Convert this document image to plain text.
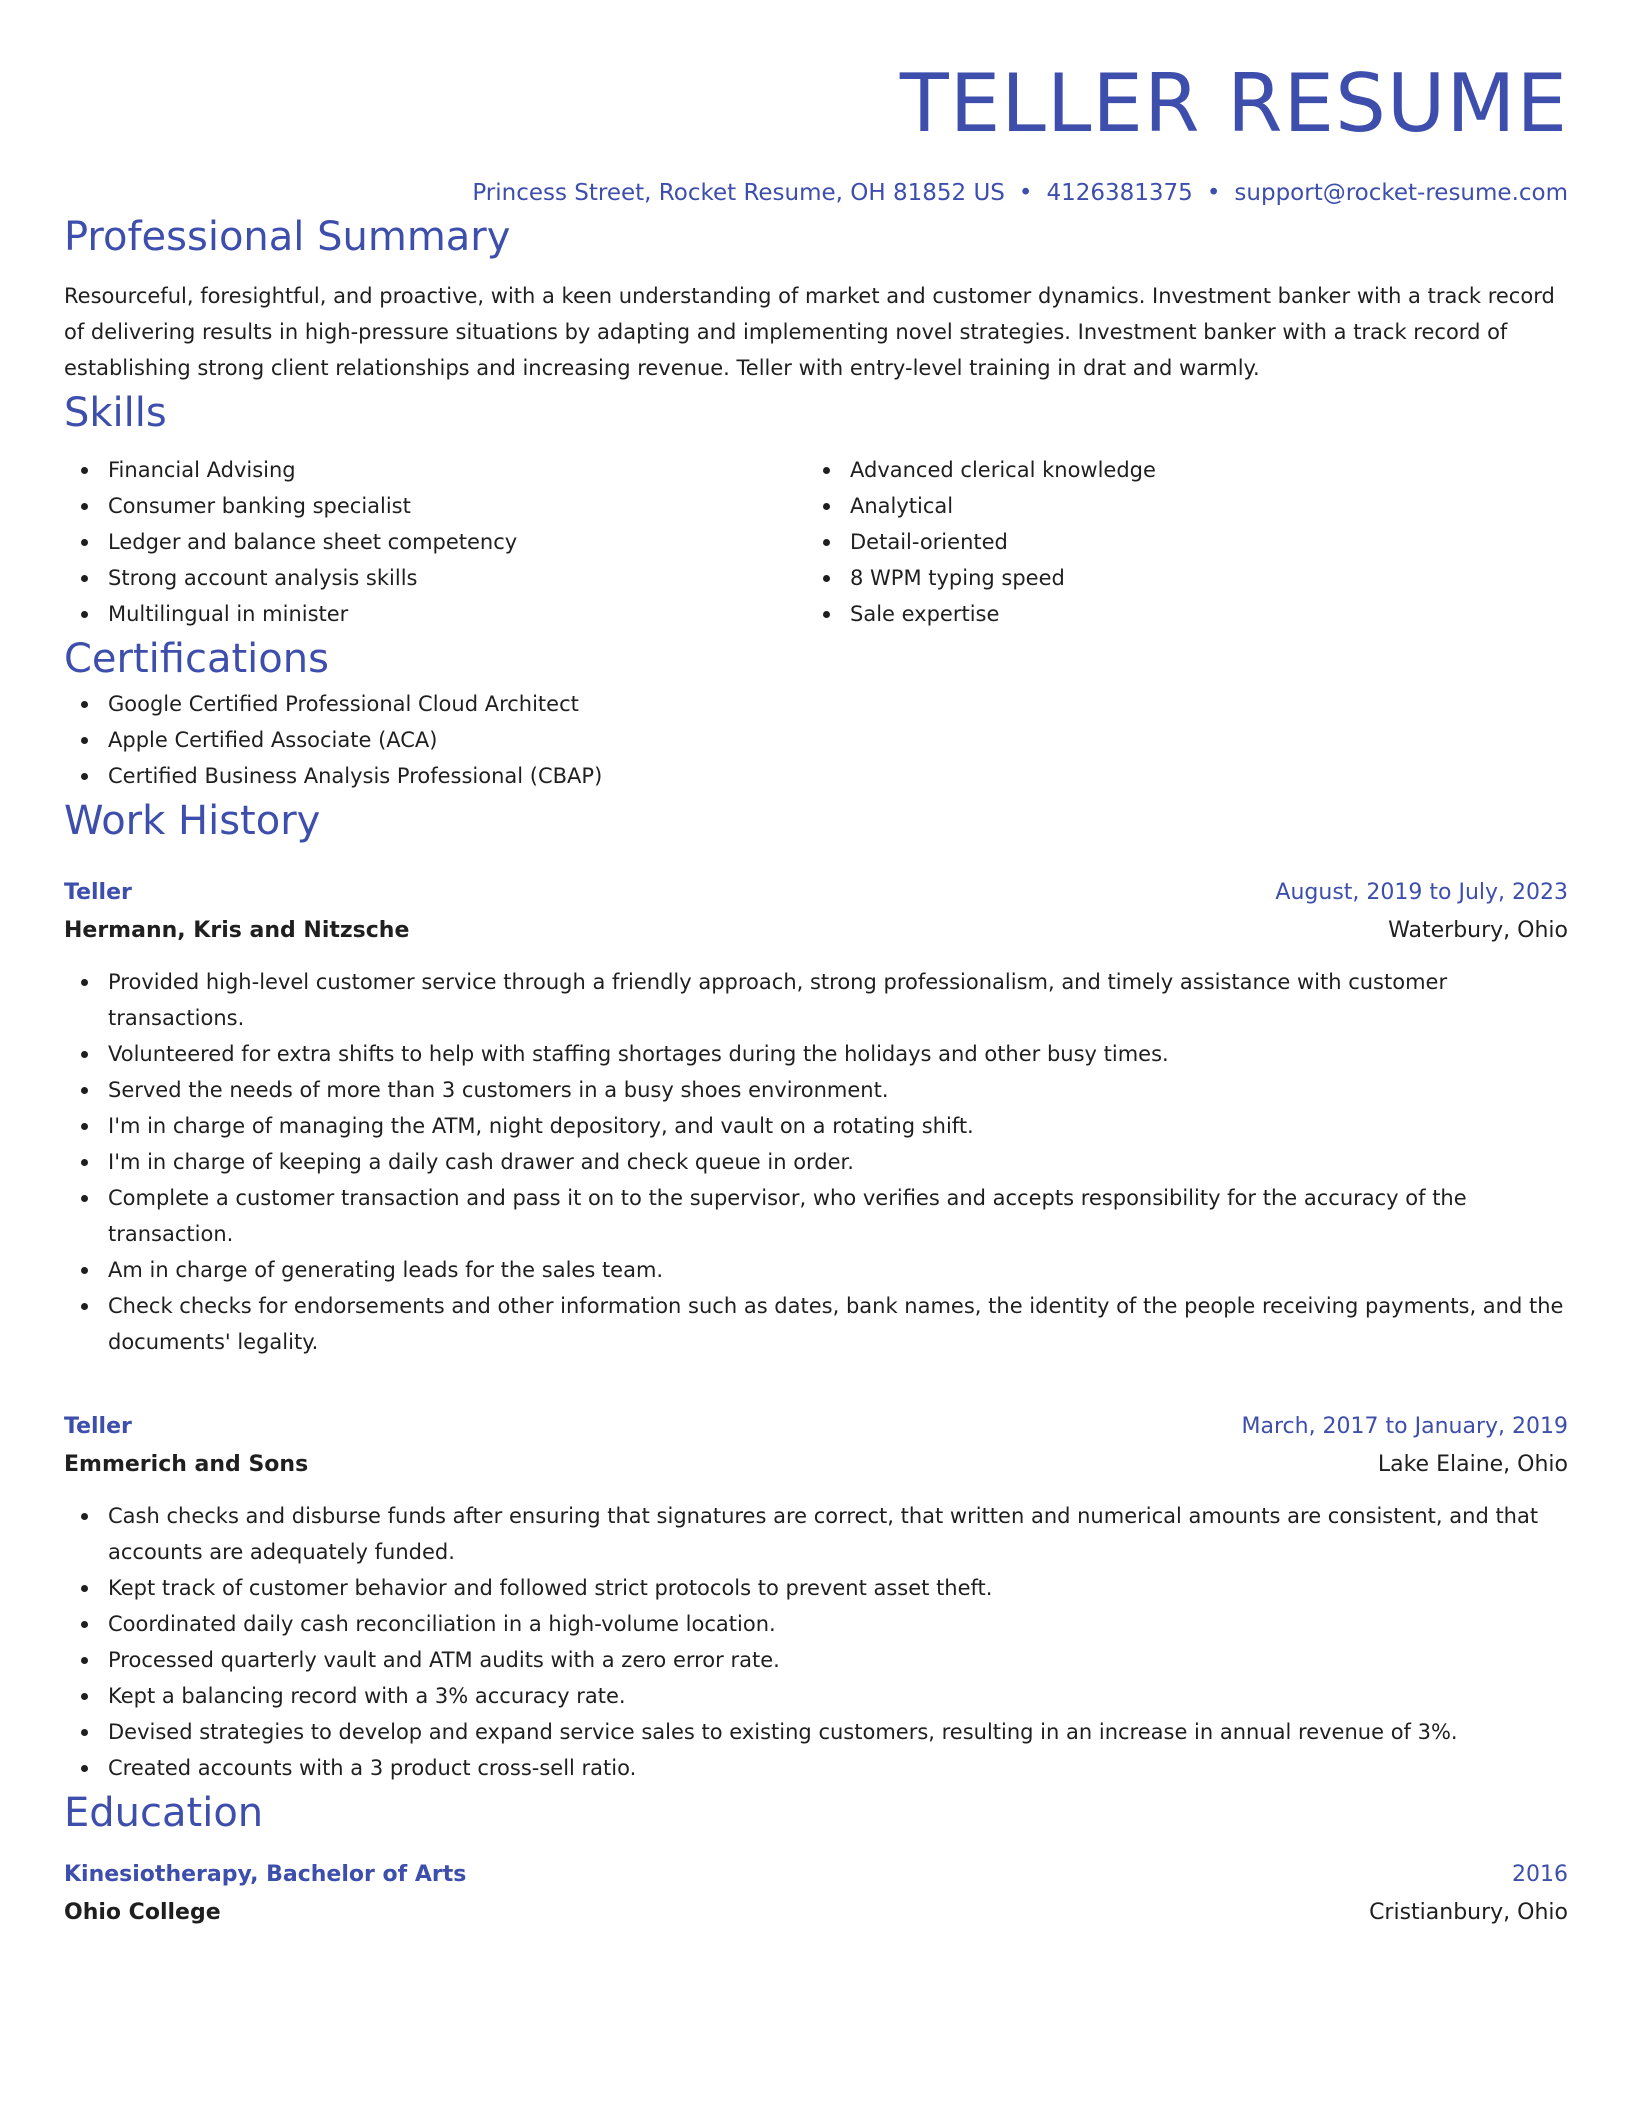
TELLER RESUME
Princess Street, Rocket Resume, OH 81852 US • 4126381375 • support@rocket-resume.com
Professional Summary
Resourceful, foresightful, and proactive, with a keen understanding of market and customer dynamics. Investment banker with a track record of delivering results in high-pressure situations by adapting and implementing novel strategies. Investment banker with a track record of establishing strong client relationships and increasing revenue. Teller with entry-level training in drat and warmly.
Skills
Financial Advising
Consumer banking specialist
Ledger and balance sheet competency
Strong account analysis skills
Multilingual in minister
Advanced clerical knowledge
Analytical
Detail-oriented
8 WPM typing speed
Sale expertise
Certifications
Google Certified Professional Cloud Architect
Apple Certified Associate (ACA)
Certified Business Analysis Professional (CBAP)
Work History
Teller	August, 2019 to July, 2023
Hermann, Kris and Nitzsche	Waterbury, Ohio
Provided high-level customer service through a friendly approach, strong professionalism, and timely assistance with customer transactions.
Volunteered for extra shifts to help with staffing shortages during the holidays and other busy times.
Served the needs of more than 3 customers in a busy shoes environment.
I'm in charge of managing the ATM, night depository, and vault on a rotating shift.
I'm in charge of keeping a daily cash drawer and check queue in order.
Complete a customer transaction and pass it on to the supervisor, who verifies and accepts responsibility for the accuracy of the transaction.
Am in charge of generating leads for the sales team.
Check checks for endorsements and other information such as dates, bank names, the identity of the people receiving payments, and the documents' legality.
Teller	March, 2017 to January, 2019
Emmerich and Sons	Lake Elaine, Ohio
Cash checks and disburse funds after ensuring that signatures are correct, that written and numerical amounts are consistent, and that accounts are adequately funded.
Kept track of customer behavior and followed strict protocols to prevent asset theft.
Coordinated daily cash reconciliation in a high-volume location.
Processed quarterly vault and ATM audits with a zero error rate.
Kept a balancing record with a 3% accuracy rate.
Devised strategies to develop and expand service sales to existing customers, resulting in an increase in annual revenue of 3%.
Created accounts with a 3 product cross-sell ratio.
Education
Kinesiotherapy, Bachelor of Arts	2016
Ohio College	Cristianbury, Ohio
